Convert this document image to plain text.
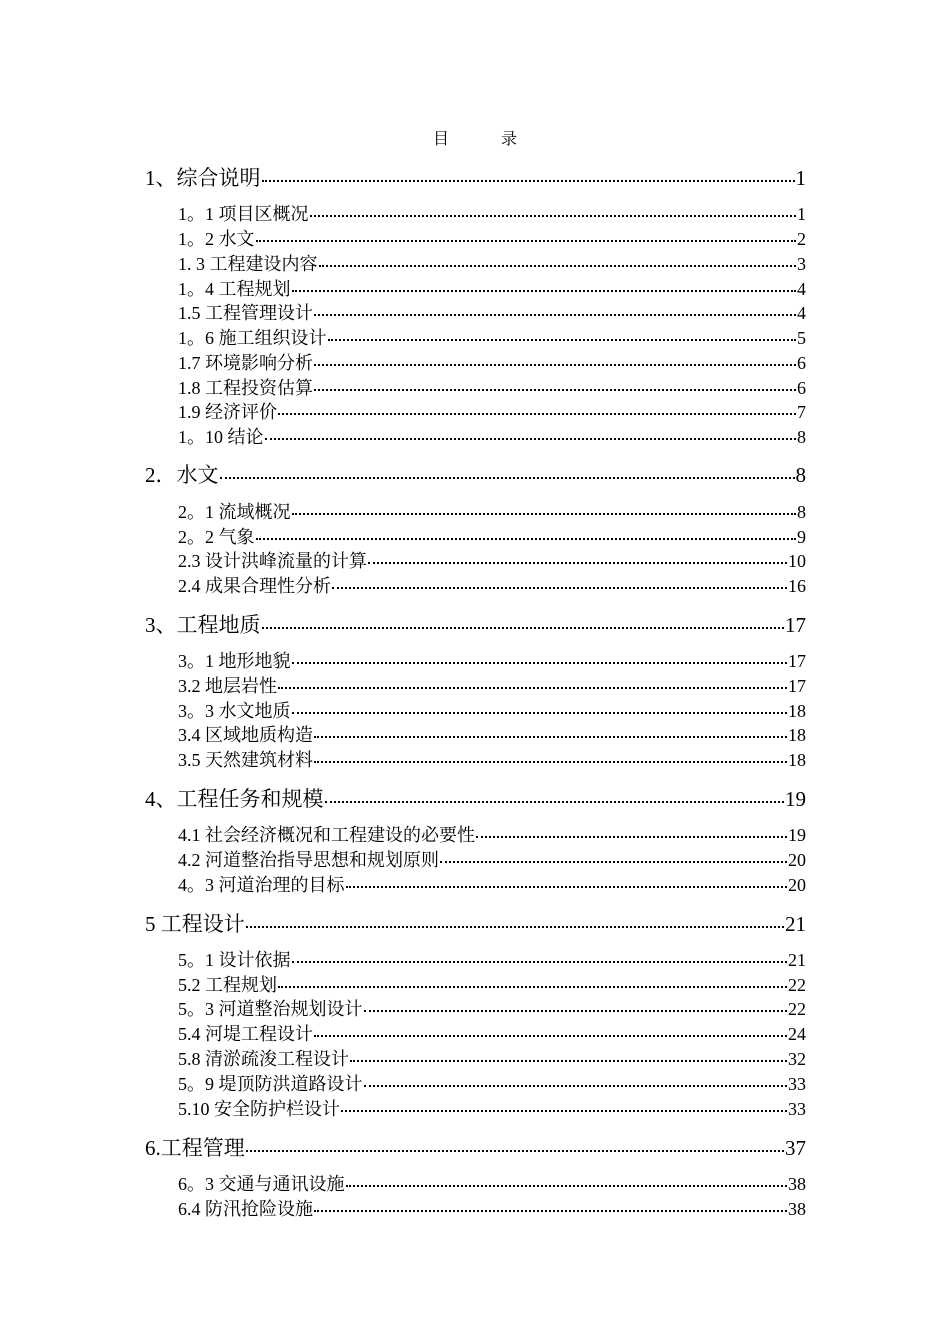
目 录
1、综合说明	1
1。1 项目区概况	1
1。2 水文	2
1. 3 工程建设内容	3
1。4 工程规划	4
1.5 工程管理设计	4
1。6 施工组织设计	5
1.7 环境影响分析	6
1.8 工程投资估算	6
1.9 经济评价	7
1。10 结论	8
2．水文	8
2。1 流域概况	8
2。2 气象	9
2.3 设计洪峰流量的计算	10
2.4 成果合理性分析	16
3、工程地质	17
3。1 地形地貌	17
3.2 地层岩性	17
3。3 水文地质	18
3.4 区域地质构造	18
3.5 天然建筑材料	18
4、工程任务和规模	19
4.1 社会经济概况和工程建设的必要性	19
4.2 河道整治指导思想和规划原则	20
4。3 河道治理的目标	20
5 工程设计	21
5。1 设计依据	21
5.2 工程规划	22
5。3 河道整治规划设计	22
5.4 河堤工程设计	24
5.8 清淤疏浚工程设计	32
5。9 堤顶防洪道路设计	33
5.10 安全防护栏设计	33
6.工程管理	37
6。3 交通与通讯设施	38
6.4 防汛抢险设施	38
